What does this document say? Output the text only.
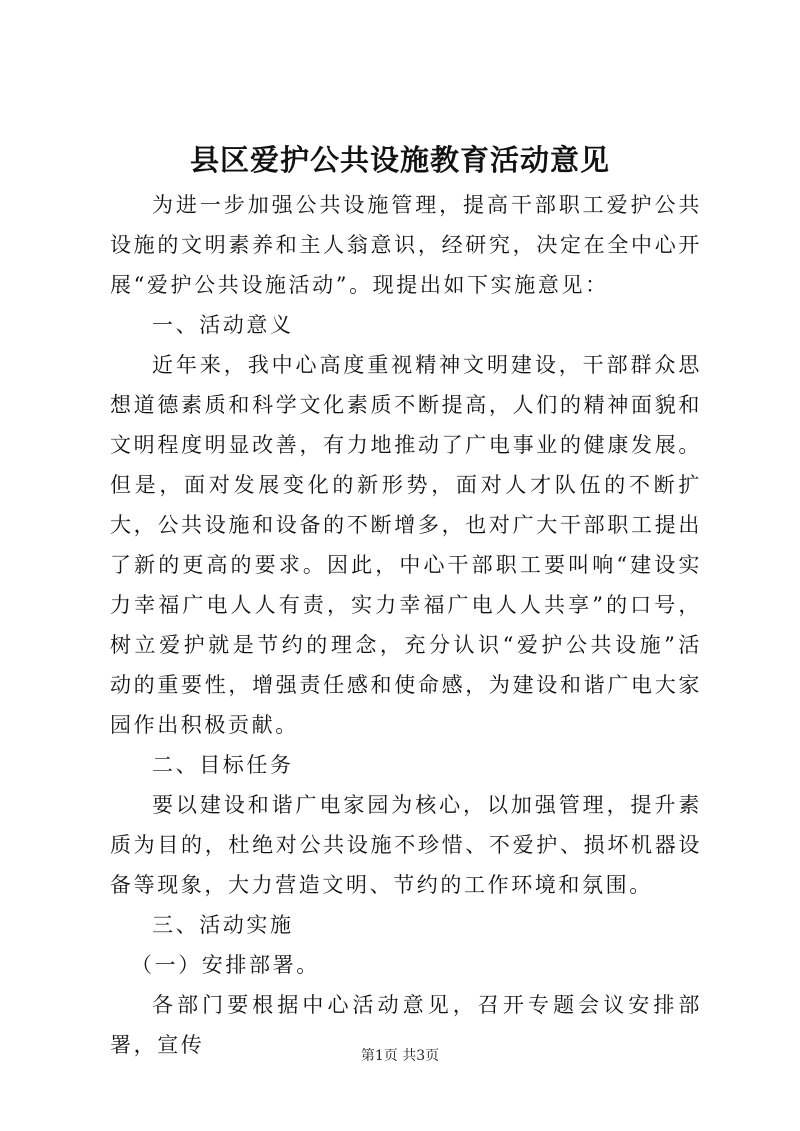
县区爱护公共设施教育活动意见

为进一步加强公共设施管理，提高干部职工爱护公共设施的文明素养和主人翁意识，经研究，决定在全中心开展“爱护公共设施活动”。现提出如下实施意见：

一、活动意义

近年来，我中心高度重视精神文明建设，干部群众思想道德素质和科学文化素质不断提高，人们的精神面貌和文明程度明显改善，有力地推动了广电事业的健康发展。但是，面对发展变化的新形势，面对人才队伍的不断扩大，公共设施和设备的不断增多，也对广大干部职工提出了新的更高的要求。因此，中心干部职工要叫响“建设实力幸福广电人人有责，实力幸福广电人人共享”的口号，树立爱护就是节约的理念，充分认识“爱护公共设施”活动的重要性，增强责任感和使命感，为建设和谐广电大家园作出积极贡献。

二、目标任务

要以建设和谐广电家园为核心，以加强管理，提升素质为目的，杜绝对公共设施不珍惜、不爱护、损坏机器设备等现象，大力营造文明、节约的工作环境和氛围。

三、活动实施

（一）安排部署。

各部门要根据中心活动意见，召开专题会议安排部署，宣传	第1页 共3页
